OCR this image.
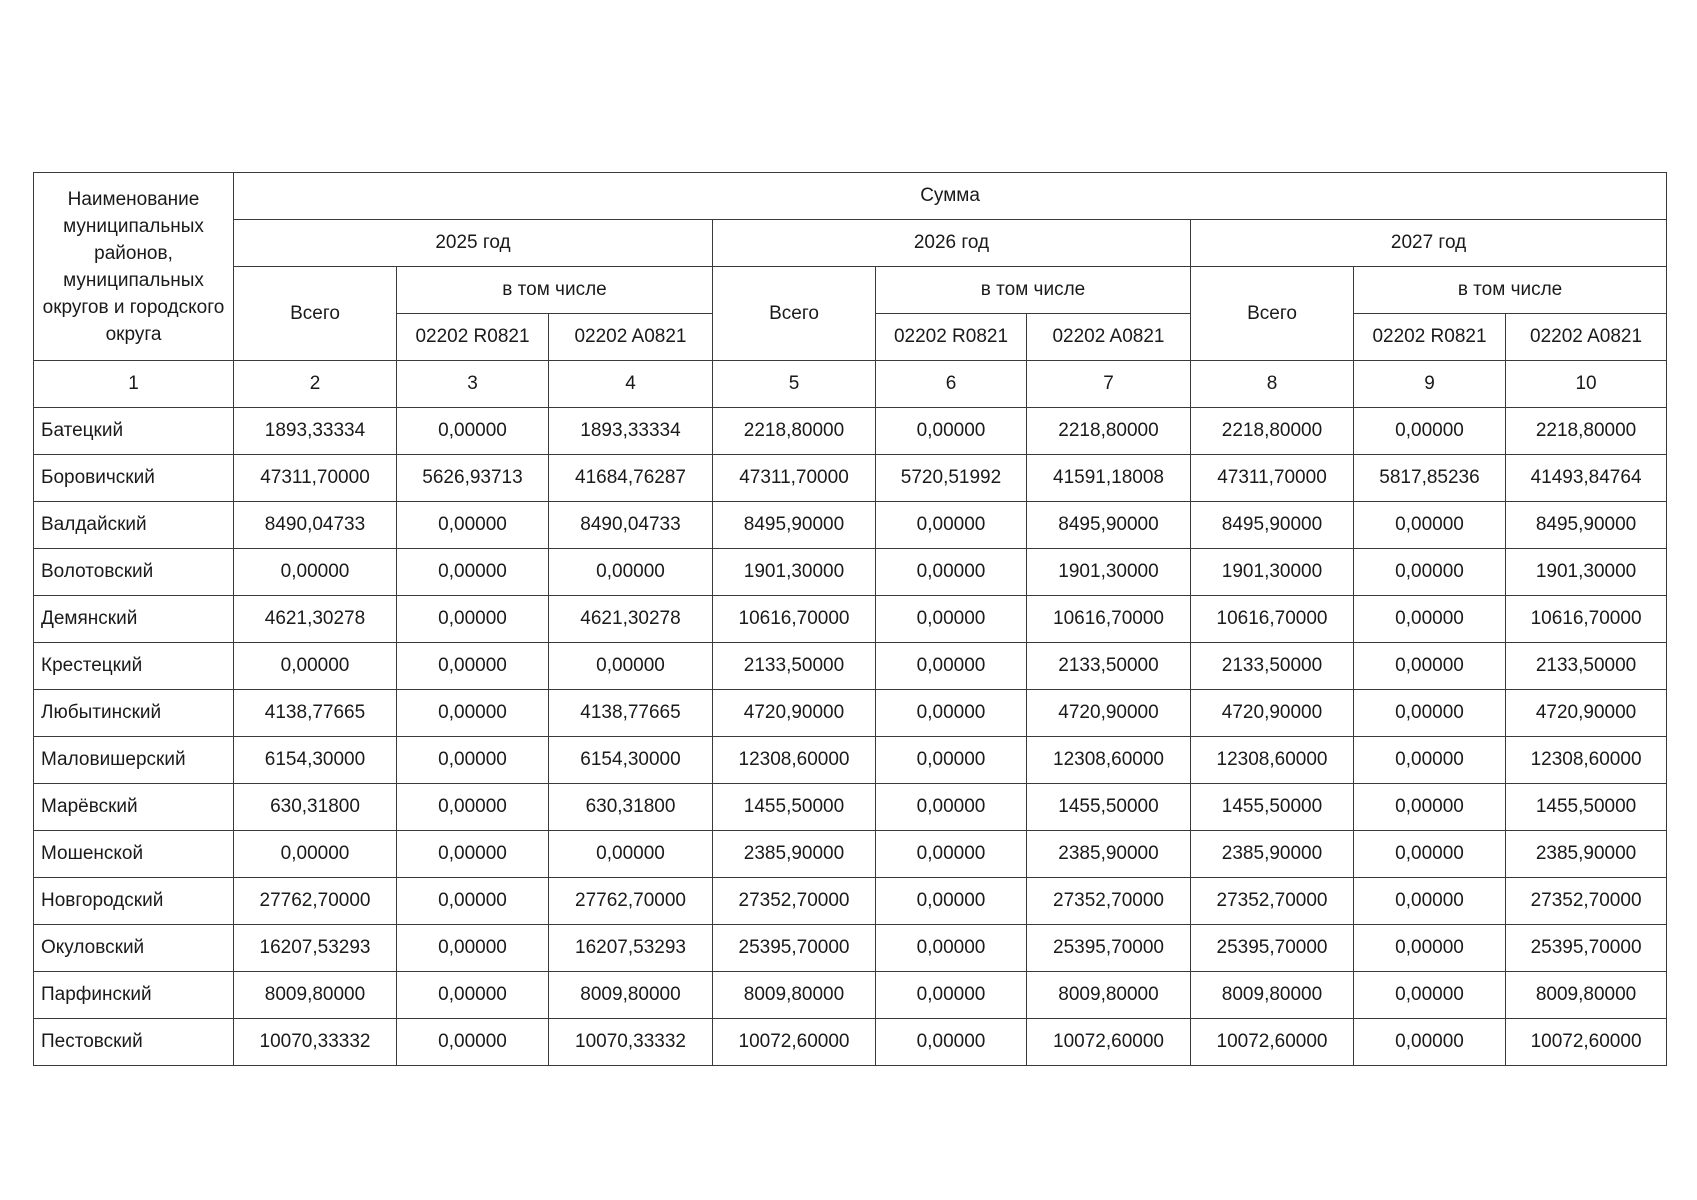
Наименование муниципальных районов, муниципальных округов и городского округа	Сумма								
	2025 год			2026 год			2027 год		
	Всего	в том числе		Всего	в том числе		Всего	в том числе	
		02202 R0821	02202 A0821		02202 R0821	02202 A0821		02202 R0821	02202 A0821
1	2	3	4	5	6	7	8	9	10
Батецкий	1893,33334	0,00000	1893,33334	2218,80000	0,00000	2218,80000	2218,80000	0,00000	2218,80000
Боровичский	47311,70000	5626,93713	41684,76287	47311,70000	5720,51992	41591,18008	47311,70000	5817,85236	41493,84764
Валдайский	8490,04733	0,00000	8490,04733	8495,90000	0,00000	8495,90000	8495,90000	0,00000	8495,90000
Волотовский	0,00000	0,00000	0,00000	1901,30000	0,00000	1901,30000	1901,30000	0,00000	1901,30000
Демянский	4621,30278	0,00000	4621,30278	10616,70000	0,00000	10616,70000	10616,70000	0,00000	10616,70000
Крестецкий	0,00000	0,00000	0,00000	2133,50000	0,00000	2133,50000	2133,50000	0,00000	2133,50000
Любытинский	4138,77665	0,00000	4138,77665	4720,90000	0,00000	4720,90000	4720,90000	0,00000	4720,90000
Маловишерский	6154,30000	0,00000	6154,30000	12308,60000	0,00000	12308,60000	12308,60000	0,00000	12308,60000
Марёвский	630,31800	0,00000	630,31800	1455,50000	0,00000	1455,50000	1455,50000	0,00000	1455,50000
Мошенской	0,00000	0,00000	0,00000	2385,90000	0,00000	2385,90000	2385,90000	0,00000	2385,90000
Новгородский	27762,70000	0,00000	27762,70000	27352,70000	0,00000	27352,70000	27352,70000	0,00000	27352,70000
Окуловский	16207,53293	0,00000	16207,53293	25395,70000	0,00000	25395,70000	25395,70000	0,00000	25395,70000
Парфинский	8009,80000	0,00000	8009,80000	8009,80000	0,00000	8009,80000	8009,80000	0,00000	8009,80000
Пестовский	10070,33332	0,00000	10070,33332	10072,60000	0,00000	10072,60000	10072,60000	0,00000	10072,60000
